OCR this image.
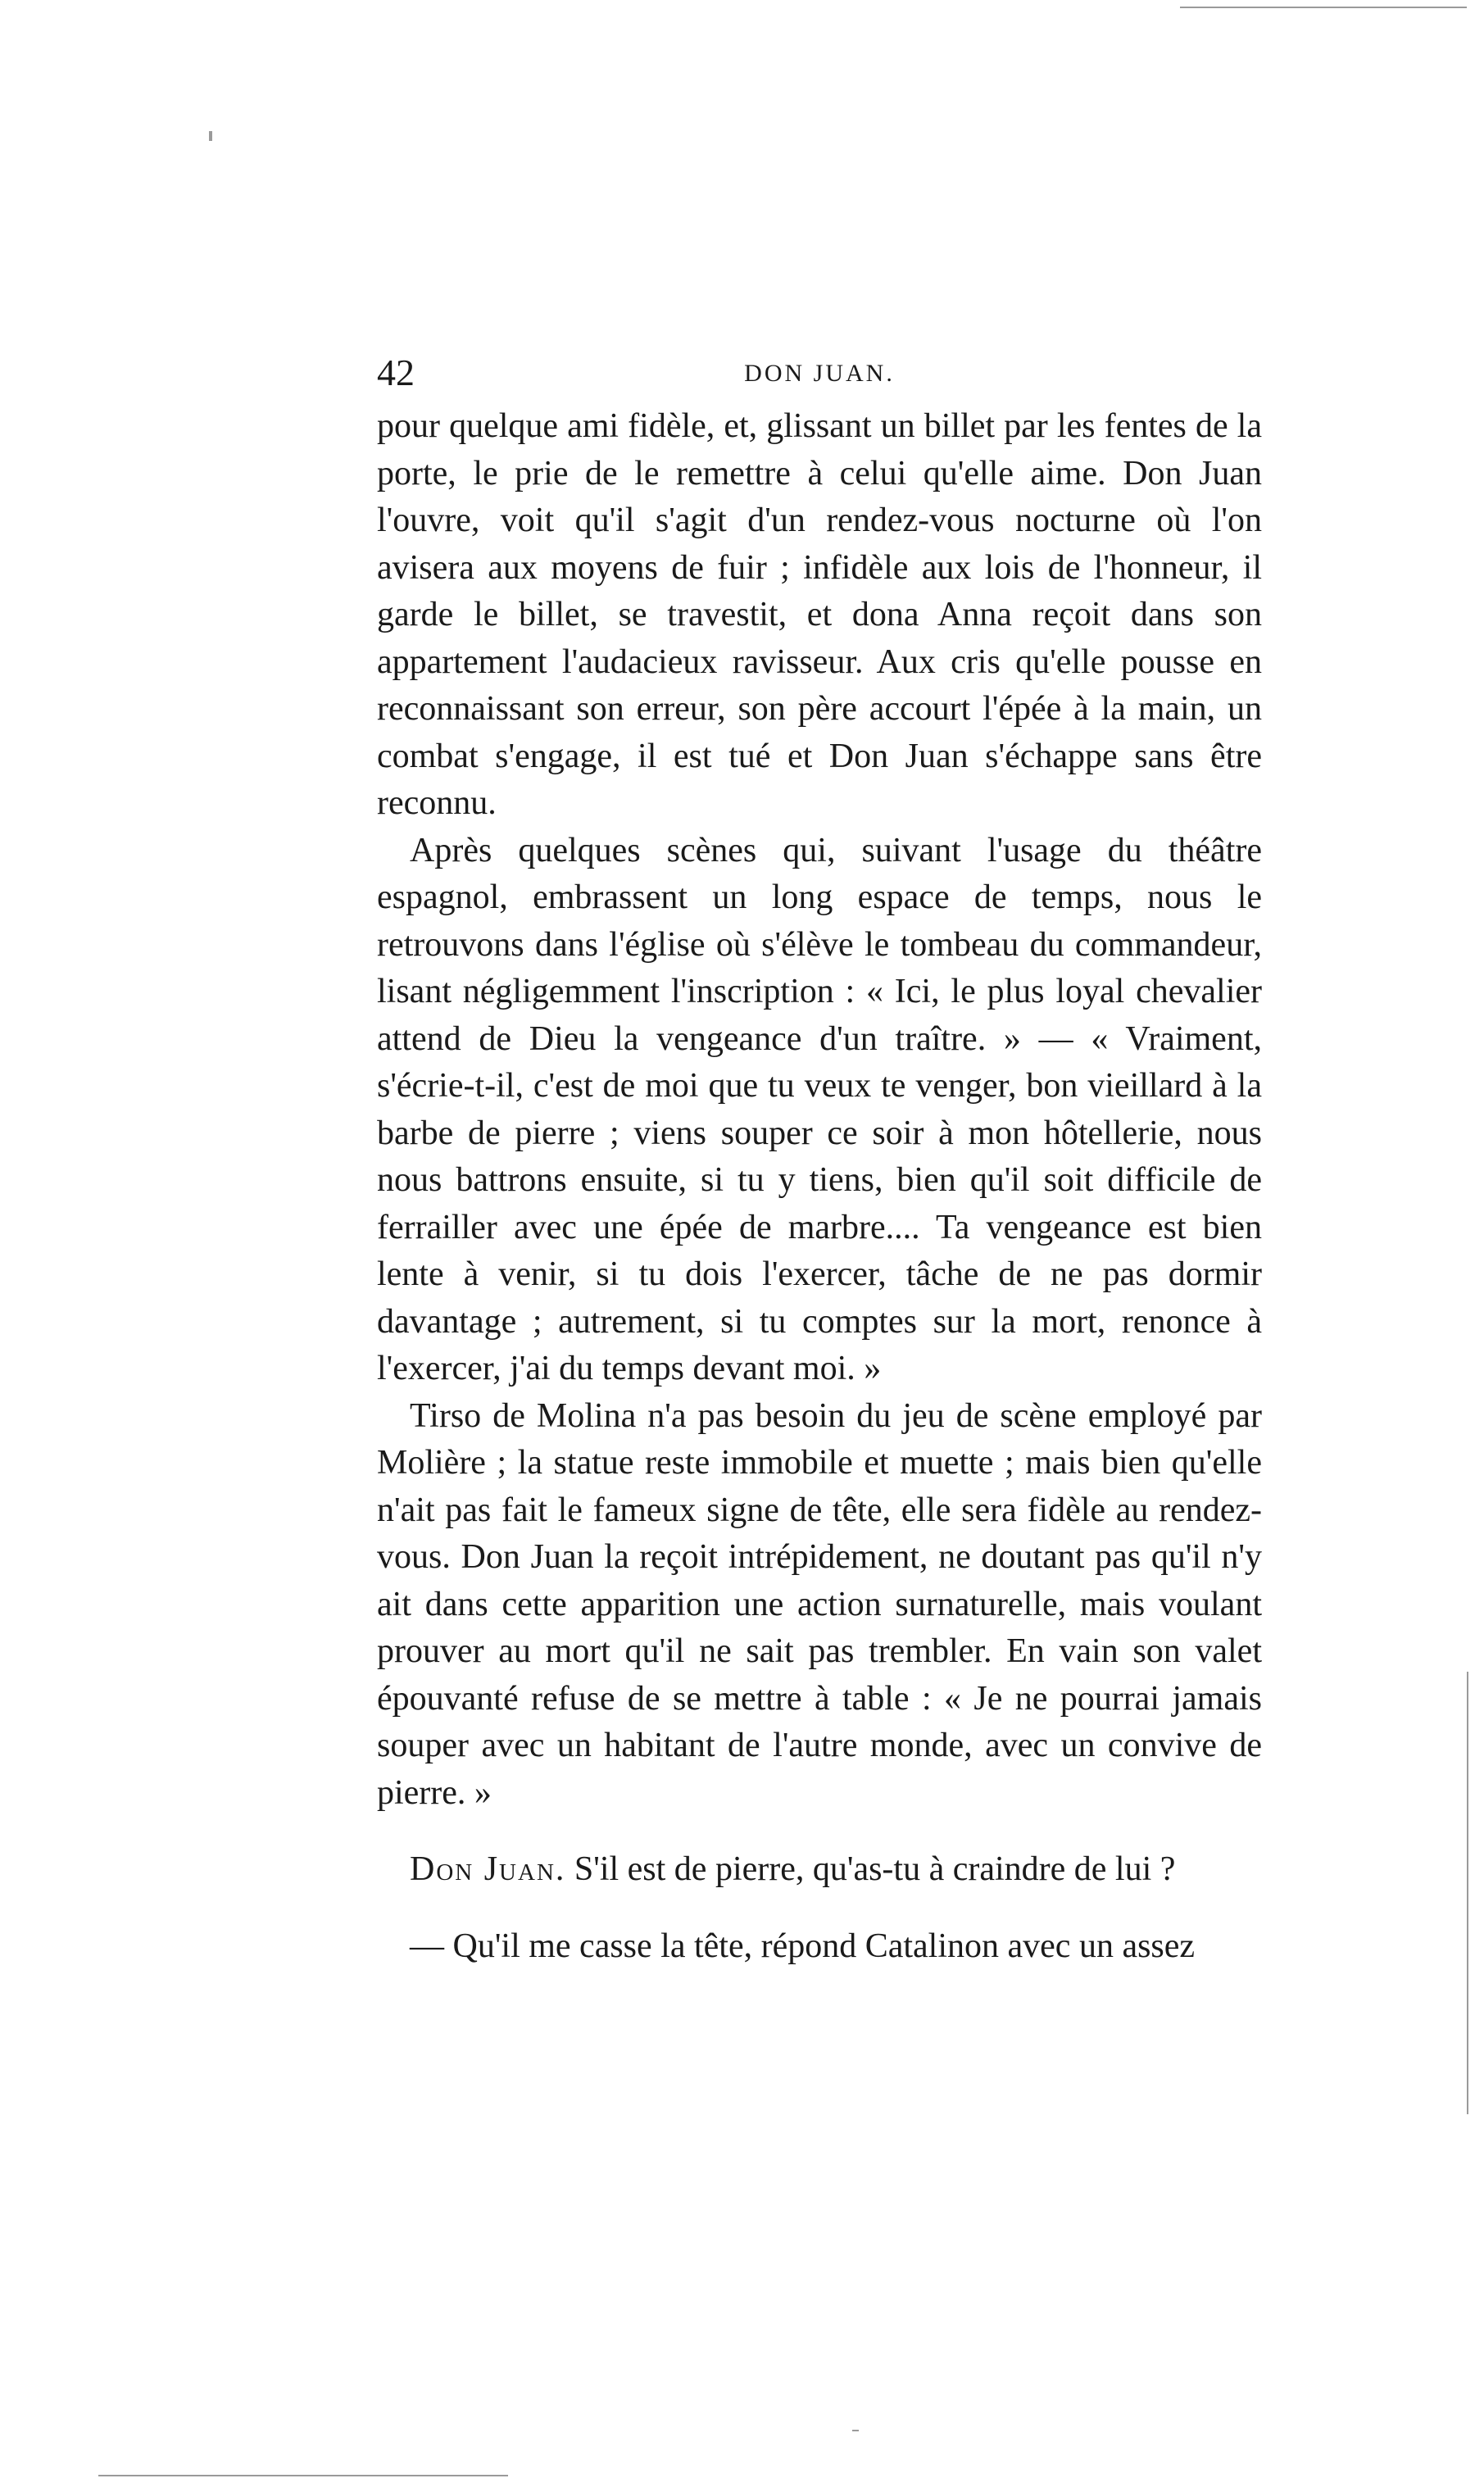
42	DON JUAN.

pour quelque ami fidèle, et, glissant un billet par les fentes de la porte, le prie de le remettre à celui qu'elle aime. Don Juan l'ouvre, voit qu'il s'agit d'un rendez-vous nocturne où l'on avisera aux moyens de fuir ; infidèle aux lois de l'honneur, il garde le billet, se travestit, et dona Anna reçoit dans son appartement l'audacieux ravisseur. Aux cris qu'elle pousse en reconnaissant son erreur, son père accourt l'épée à la main, un combat s'engage, il est tué et Don Juan s'échappe sans être reconnu.

Après quelques scènes qui, suivant l'usage du théâtre espagnol, embrassent un long espace de temps, nous le retrouvons dans l'église où s'élève le tombeau du commandeur, lisant négligemment l'inscription : « Ici, le plus loyal chevalier attend de Dieu la vengeance d'un traître. » — « Vraiment, s'écrie-t-il, c'est de moi que tu veux te venger, bon vieillard à la barbe de pierre ; viens souper ce soir à mon hôtellerie, nous nous battrons ensuite, si tu y tiens, bien qu'il soit difficile de ferrailler avec une épée de marbre.... Ta vengeance est bien lente à venir, si tu dois l'exercer, tâche de ne pas dormir davantage ; autrement, si tu comptes sur la mort, renonce à l'exercer, j'ai du temps devant moi. »

Tirso de Molina n'a pas besoin du jeu de scène employé par Molière ; la statue reste immobile et muette ; mais bien qu'elle n'ait pas fait le fameux signe de tête, elle sera fidèle au rendez-vous. Don Juan la reçoit intrépidement, ne doutant pas qu'il n'y ait dans cette apparition une action surnaturelle, mais voulant prouver au mort qu'il ne sait pas trembler. En vain son valet épouvanté refuse de se mettre à table : « Je ne pourrai jamais souper avec un habitant de l'autre monde, avec un convive de pierre. »

Don Juan. S'il est de pierre, qu'as-tu à craindre de lui ?

— Qu'il me casse la tête, répond Catalinon avec un assez
